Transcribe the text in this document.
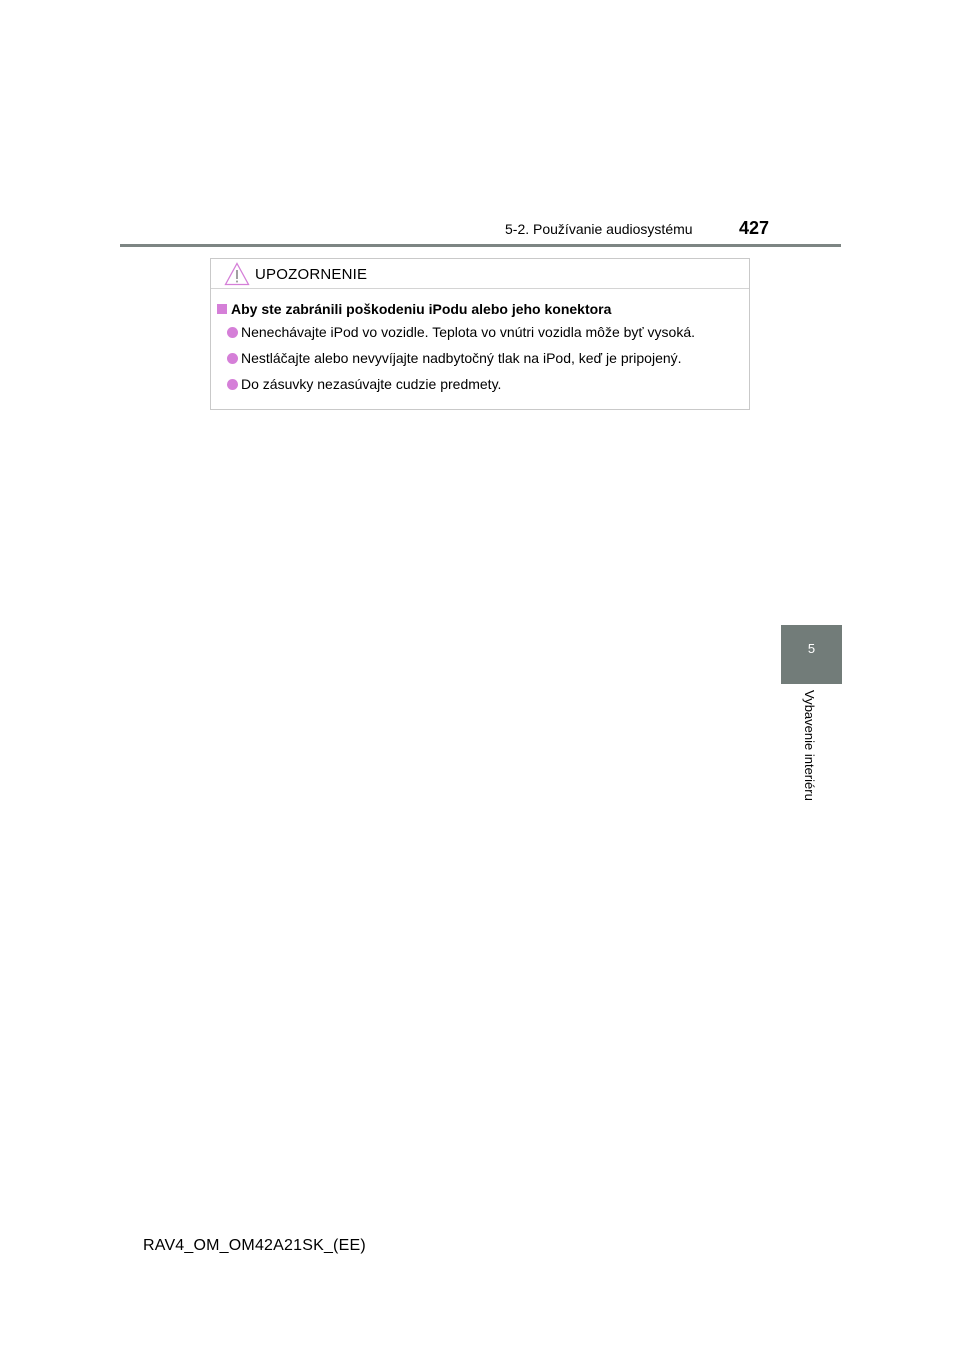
5-2. Používanie audiosystému	427
UPOZORNENIE
Aby ste zabránili poškodeniu iPodu alebo jeho konektora
Nenechávajte iPod vo vozidle. Teplota vo vnútri vozidla môže byť vysoká.
Nestláčajte alebo nevyvíjajte nadbytočný tlak na iPod, keď je pripojený.
Do zásuvky nezasúvajte cudzie predmety.
5
Vybavenie interiéru
RAV4_OM_OM42A21SK_(EE)
